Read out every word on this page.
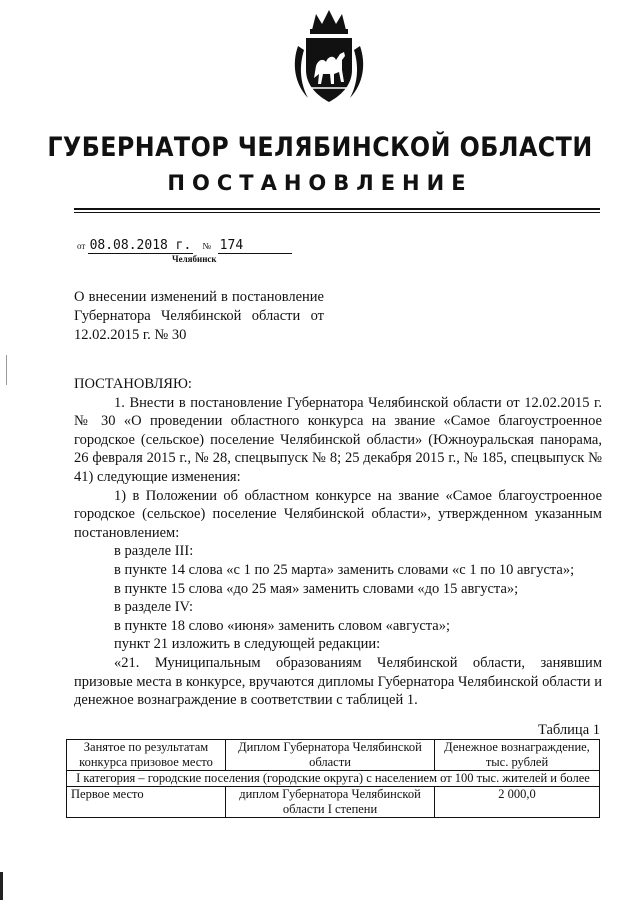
ГУБЕРНАТОР ЧЕЛЯБИНСКОЙ ОБЛАСТИ
ПОСТАНОВЛЕНИЕ
от 08.08.2018 г. № 174
Челябинск
О внесении изменений в постановление Губернатора Челябинской области от 12.02.2015 г. № 30

ПОСТАНОВЛЯЮ:

1. Внести в постановление Губернатора Челябинской области от 12.02.2015 г. № 30 «О проведении областного конкурса на звание «Самое благоустроенное городское (сельское) поселение Челябинской области» (Южноуральская панорама, 26 февраля 2015 г., № 28, спецвыпуск № 8; 25 декабря 2015 г., № 185, спецвыпуск № 41) следующие изменения:

1) в Положении об областном конкурсе на звание «Самое благоустроенное городское (сельское) поселение Челябинской области», утвержденном указанным постановлением:

в разделе III:

в пункте 14 слова «с 1 по 25 марта» заменить словами «с 1 по 10 августа»;

в пункте 15 слова «до 25 мая» заменить словами «до 15 августа»;

в разделе IV:

в пункте 18 слово «июня» заменить словом «августа»;

пункт 21 изложить в следующей редакции:

«21. Муниципальным образованиям Челябинской области, занявшим призовые места в конкурсе, вручаются дипломы Губернатора Челябинской области и денежное вознаграждение в соответствии с таблицей 1.

Таблица 1
Занятое по результатам конкурса призовое место	Диплом Губернатора Челябинской области	Денежное вознаграждение, тыс. рублей
I категория – городские поселения (городские округа) с населением от 100 тыс. жителей и более		
Первое место	диплом Губернатора Челябинской области I степени	2 000,0
